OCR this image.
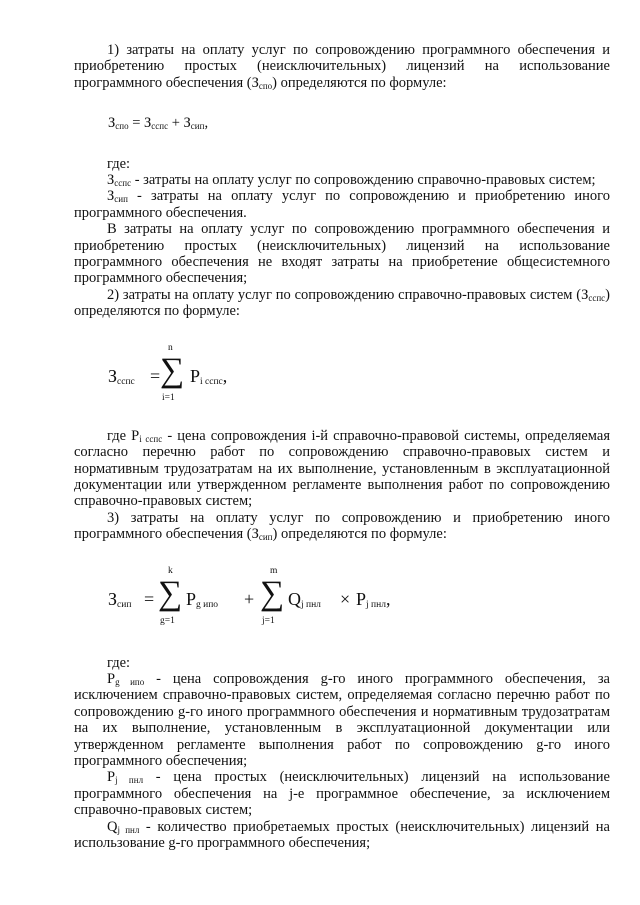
1) затраты на оплату услуг по сопровождению программного обеспечения и приобретению простых (неисключительных) лицензий на использование программного обеспечения $(З_{спо})$ определяются по формуле:

$З_{спо} = З_{сспс} + З_{сип}$,

где:

$З_{сспс}$ - затраты на оплату услуг по сопровождению справочно-правовых систем;

$З_{сип}$ - затраты на оплату услуг по сопровождению и приобретению иного программного обеспечения.

В затраты на оплату услуг по сопровождению программного обеспечения и приобретению простых (неисключительных) лицензий на использование программного обеспечения не входят затраты на приобретение общесистемного программного обеспечения;

2) затраты на оплату услуг по сопровождению справочно-правовых систем $(З_{сспс})$ определяются по формуле:

$З_{сспс}$ =
n
∑
i=1
$P_{i сспс}$,

где $P_{i сспс}$ - цена сопровождения i-й справочно-правовой системы, определяемая согласно перечню работ по сопровождению справочно-правовых систем и нормативным трудозатратам на их выполнение, установленным в эксплуатационной документации или утвержденном регламенте выполнения работ по сопровождению справочно-правовых систем;

3) затраты на оплату услуг по сопровождению и приобретению иного программного обеспечения $(З_{сип})$ определяются по формуле:

$З_{сип}$ =
k
∑
g=1
$P_{g ипо}$ +
m
∑
j=1
$Q_{j пнл} \times P_{j пнл}$,

где:

$P_{g ипо}$ - цена сопровождения g-го иного программного обеспечения, за исключением справочно-правовых систем, определяемая согласно перечню работ по сопровождению g-го иного программного обеспечения и нормативным трудозатратам на их выполнение, установленным в эксплуатационной документации или утвержденном регламенте выполнения работ по сопровождению g-го иного программного обеспечения;

$P_{j пнл}$ - цена простых (неисключительных) лицензий на использование программного обеспечения на j-е программное обеспечение, за исключением справочно-правовых систем;

$Q_{j пнл}$ - количество приобретаемых простых (неисключительных) лицензий на использование g-го программного обеспечения;
